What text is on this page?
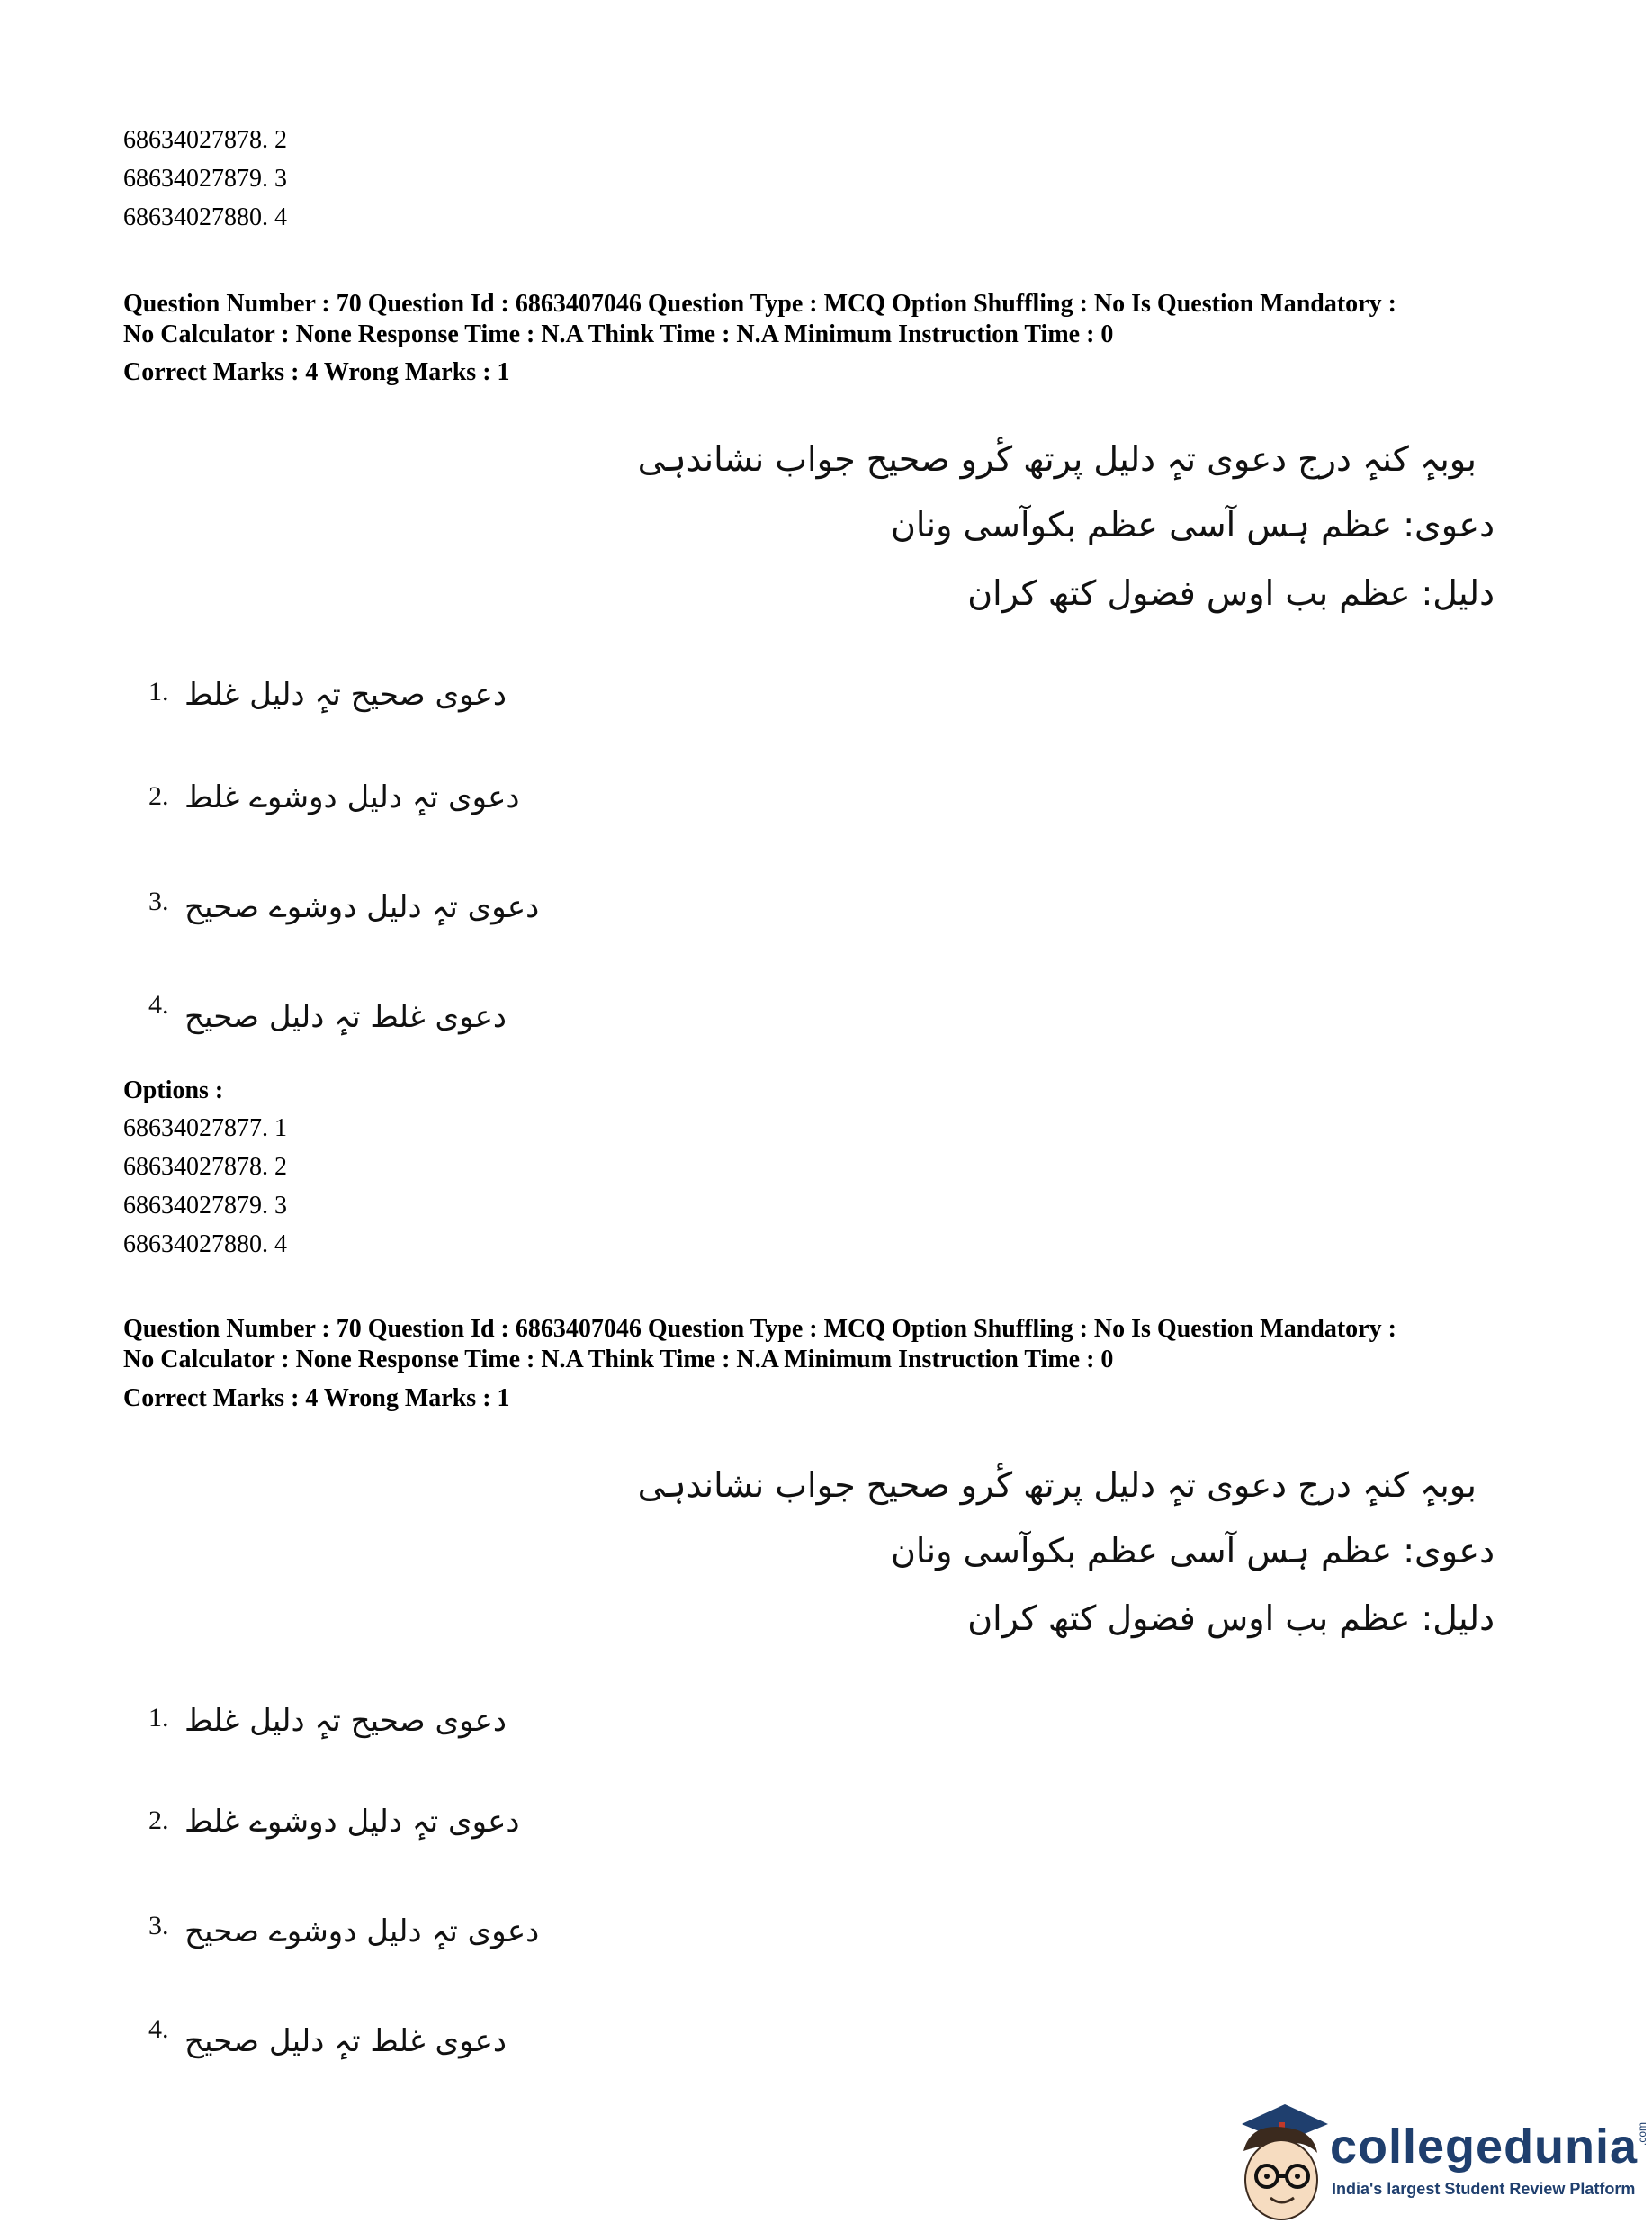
68634027878. 2
68634027879. 3
68634027880. 4
Question Number : 70 Question Id : 6863407046 Question Type : MCQ Option Shuffling : No Is Question Mandatory :
No Calculator : None Response Time : N.A Think Time : N.A Minimum Instruction Time : 0
Correct Marks : 4 Wrong Marks : 1
بوبہٕ کنہٕ درج دعوی تہٕ دلیل پرتھ کٔرو صحیح جواب نشاندہی
دعوی: عظم ہس آسی عظم بکوآسی ونان
دلیل: عظم بب اوس فضول کتھ کران
1. دعوی صحیح تہٕ دلیل غلط
2. دعوی تہٕ دلیل دوشوے غلط
3. دعوی تہٕ دلیل دوشوے صحیح
4. دعوی غلط تہٕ دلیل صحیح
Options :
68634027877. 1
68634027878. 2
68634027879. 3
68634027880. 4
Question Number : 70 Question Id : 6863407046 Question Type : MCQ Option Shuffling : No Is Question Mandatory :
No Calculator : None Response Time : N.A Think Time : N.A Minimum Instruction Time : 0
Correct Marks : 4 Wrong Marks : 1
بوبہٕ کنہٕ درج دعوی تہٕ دلیل پرتھ کٔرو صحیح جواب نشاندہی
دعوی: عظم ہس آسی عظم بکوآسی ونان
دلیل: عظم بب اوس فضول کتھ کران
1. دعوی صحیح تہٕ دلیل غلط
2. دعوی تہٕ دلیل دوشوے غلط
3. دعوی تہٕ دلیل دوشوے صحیح
4. دعوی غلط تہٕ دلیل صحیح
collegedunia
.com
India's largest Student Review Platform
